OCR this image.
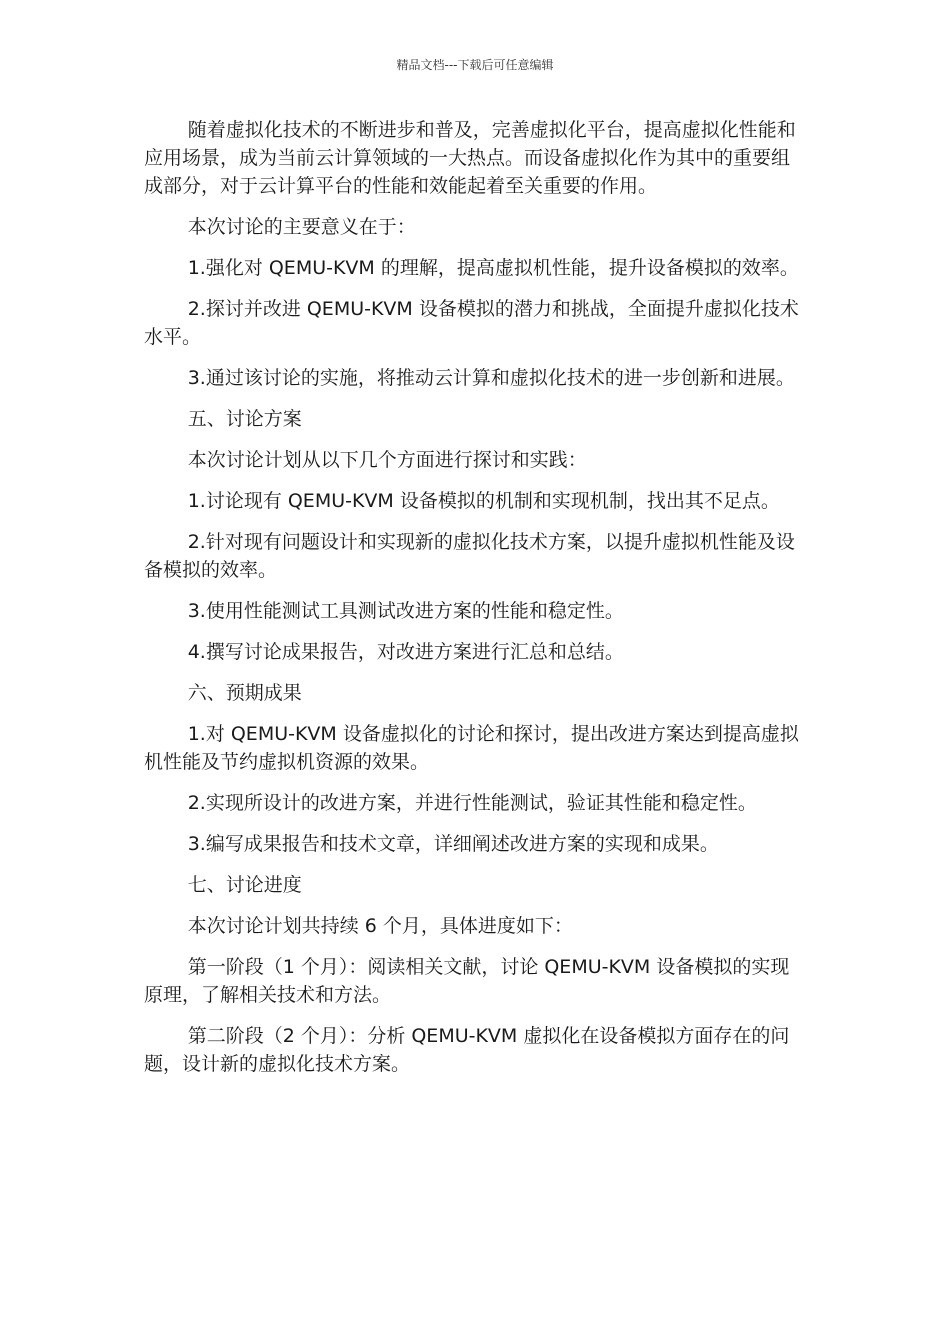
精品文档---下载后可任意编辑

随着虚拟化技术的不断进步和普及，完善虚拟化平台，提高虚拟化性能和应用场景，成为当前云计算领域的一大热点。而设备虚拟化作为其中的重要组成部分，对于云计算平台的性能和效能起着至关重要的作用。

本次讨论的主要意义在于：

1.强化对 QEMU-KVM 的理解，提高虚拟机性能，提升设备模拟的效率。

2.探讨并改进 QEMU-KVM 设备模拟的潜力和挑战，全面提升虚拟化技术水平。

3.通过该讨论的实施，将推动云计算和虚拟化技术的进一步创新和进展。

五、讨论方案

本次讨论计划从以下几个方面进行探讨和实践：

1.讨论现有 QEMU-KVM 设备模拟的机制和实现机制，找出其不足点。

2.针对现有问题设计和实现新的虚拟化技术方案，以提升虚拟机性能及设备模拟的效率。

3.使用性能测试工具测试改进方案的性能和稳定性。

4.撰写讨论成果报告，对改进方案进行汇总和总结。

六、预期成果

1.对 QEMU-KVM 设备虚拟化的讨论和探讨，提出改进方案达到提高虚拟机性能及节约虚拟机资源的效果。

2.实现所设计的改进方案，并进行性能测试，验证其性能和稳定性。

3.编写成果报告和技术文章，详细阐述改进方案的实现和成果。

七、讨论进度

本次讨论计划共持续 6 个月，具体进度如下：

第一阶段（1 个月）：阅读相关文献，讨论 QEMU-KVM 设备模拟的实现原理，了解相关技术和方法。

第二阶段（2 个月）：分析 QEMU-KVM 虚拟化在设备模拟方面存在的问题，设计新的虚拟化技术方案。
